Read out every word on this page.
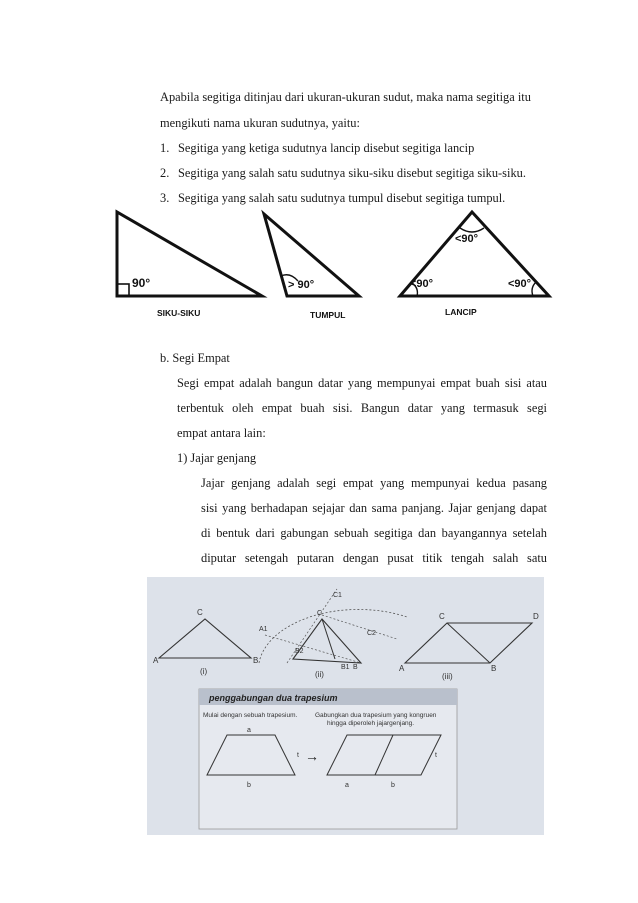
Apabila segitiga ditinjau dari ukuran-ukuran sudut, maka nama segitiga itu
mengikuti nama ukuran sudutnya, yaitu:
1. Segitiga yang ketiga sudutnya lancip disebut segitiga lancip
2. Segitiga yang salah satu sudutnya siku-siku disebut segitiga siku-siku.
3. Segitiga yang salah satu sudutnya tumpul disebut segitiga tumpul.
90°
SIKU-SIKU
> 90°
TUMPUL
<90°
<90°	<90°
LANCIP
b. Segi Empat
Segi empat adalah bangun datar yang mempunyai empat buah sisi atau
terbentuk oleh empat buah sisi. Bangun datar yang termasuk segi
empat antara lain:
1) Jajar genjang
Jajar genjang adalah segi empat yang mempunyai kedua pasang
sisi yang berhadapan sejajar dan sama panjang. Jajar genjang dapat
di bentuk dari gabungan sebuah segitiga dan bayangannya setelah
diputar setengah putaran dengan pusat titik tengah salah satu
C
A	B
(i)
C1
C
A1
C2
B2
B1 B
(ii)
C	D
A	B
(iii)
penggabungan dua trapesium
Mulai dengan sebuah trapesium.	Gabungkan dua trapesium yang kongruen
hingga diperoleh jajargenjang.
a
b
t →
a	b
t
